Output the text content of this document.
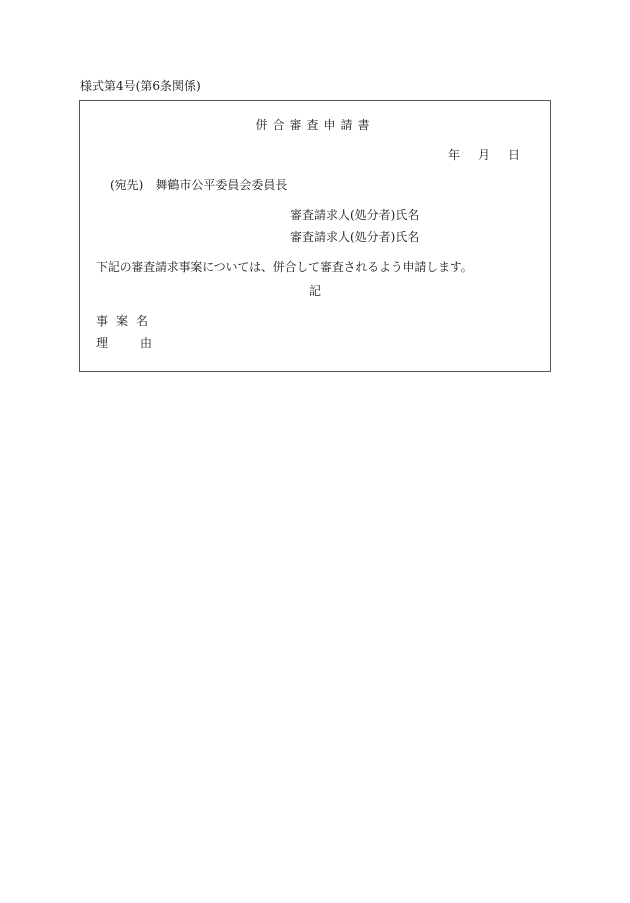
様式第4号(第6条関係)
併合審査申請書
年 月 日
(宛先)　舞鶴市公平委員会委員長
審査請求人(処分者)氏名
審査請求人(処分者)氏名
下記の審査請求事案については、併合して審査されるよう申請します。
記
事案名
理由
